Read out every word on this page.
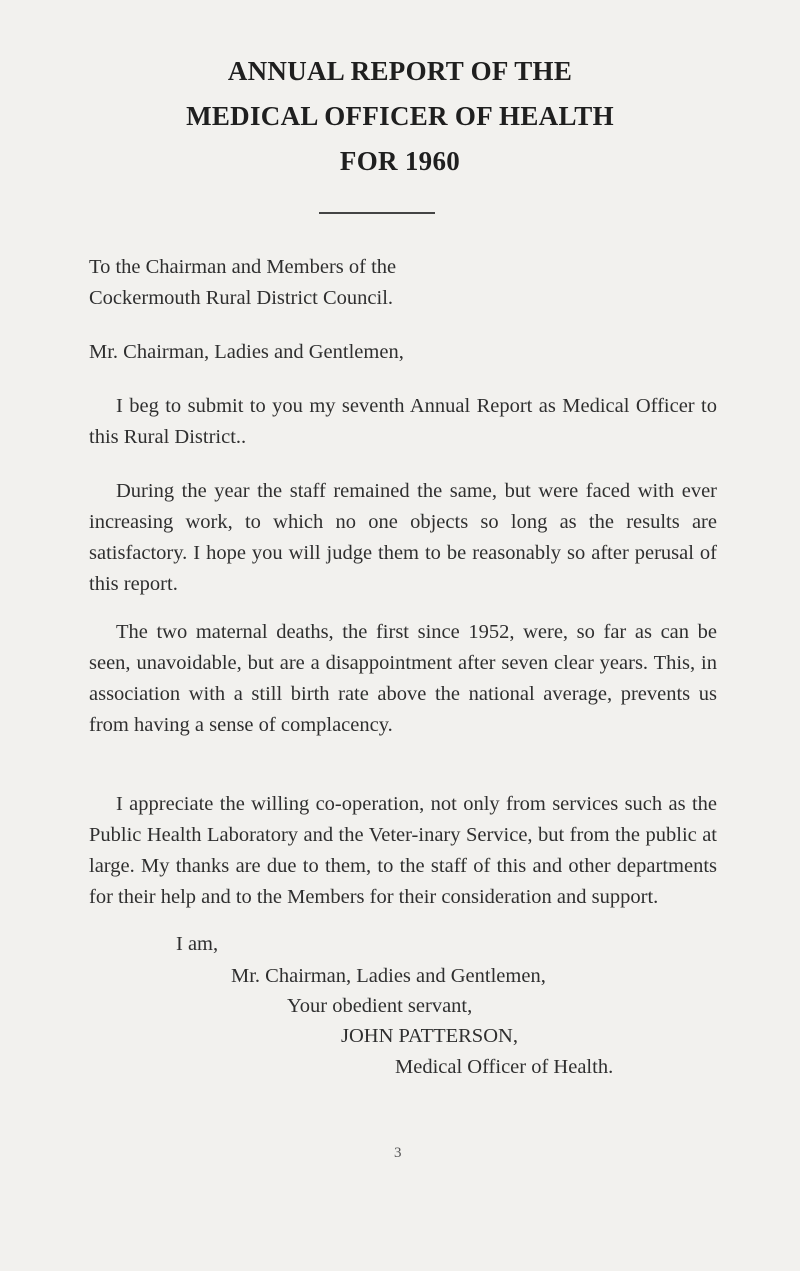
ANNUAL REPORT OF THE
MEDICAL OFFICER OF HEALTH
FOR 1960

To the Chairman and Members of the Cockermouth Rural District Council.

Mr. Chairman, Ladies and Gentlemen,

I beg to submit to you my seventh Annual Report as Medical Officer to this Rural District..

During the year the staff remained the same, but were faced with ever increasing work, to which no one objects so long as the results are satisfactory. I hope you will judge them to be reasonably so after perusal of this report.

The two maternal deaths, the first since 1952, were, so far as can be seen, unavoidable, but are a disappointment after seven clear years. This, in association with a still birth rate above the national average, prevents us from having a sense of complacency.

I appreciate the willing co-operation, not only from services such as the Public Health Laboratory and the Veter-inary Service, but from the public at large. My thanks are due to them, to the staff of this and other departments for their help and to the Members for their consideration and support.

I am,

Mr. Chairman, Ladies and Gentlemen,

Your obedient servant,

JOHN PATTERSON,

Medical Officer of Health.

3
